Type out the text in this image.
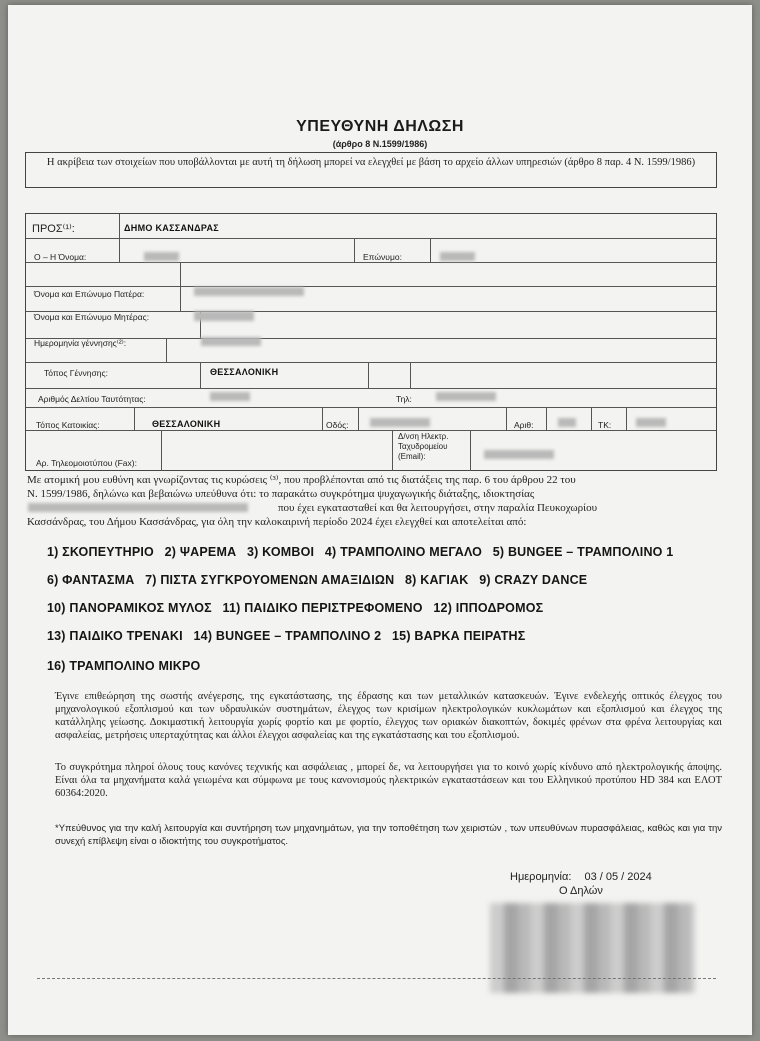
ΥΠΕΥΘΥΝΗ ΔΗΛΩΣΗ
(άρθρο 8 Ν.1599/1986)
Η ακρίβεια των στοιχείων που υποβάλλονται με αυτή τη δήλωση μπορεί να ελεγχθεί με βάση το αρχείο άλλων υπηρεσιών (άρθρο 8 παρ. 4 Ν. 1599/1986)
ΠΡΟΣ⁽¹⁾:	ΔΗΜΟ ΚΑΣΣΑΝΔΡΑΣ
Ο – Η Όνομα:	Επώνυμο:
Όνομα και Επώνυμο Πατέρα:
Όνομα και Επώνυμο Μητέρας:
Ημερομηνία γέννησης⁽²⁾:
Τόπος Γέννησης:	ΘΕΣΣΑΛΟΝΙΚΗ
Αριθμός Δελτίου Ταυτότητας:	Τηλ:
Τόπος Κατοικίας:	ΘΕΣΣΑΛΟΝΙΚΗ	Οδός:	Αριθ:	ΤΚ:
Αρ. Τηλεομοιοτύπου (Fax):
Δ/νση Ηλεκτρ. Ταχυδρομείου (Email):
Με ατομική μου ευθύνη και γνωρίζοντας τις κυρώσεις ⁽³⁾, που προβλέπονται από τις διατάξεις της παρ. 6 του άρθρου 22 του
Ν. 1599/1986, δηλώνω και βεβαιώνω υπεύθυνα ότι: το παρακάτω συγκρότημα ψυχαγωγικής διάταξης, ιδιοκτησίας
που έχει εγκατασταθεί και θα λειτουργήσει, στην παραλία Πευκοχωρίου
Κασσάνδρας, του Δήμου Κασσάνδρας, για όλη την καλοκαιρινή περίοδο 2024 έχει ελεγχθεί και αποτελείται από:
1) ΣΚΟΠΕΥΤΗΡΙΟ 2) ΨΑΡΕΜΑ 3) ΚΟΜΒΟΙ 4) ΤΡΑΜΠΟΛΙΝΟ ΜΕΓΑΛΟ 5) BUNGEE – ΤΡΑΜΠΟΛΙΝΟ 1
6) ΦΑΝΤΑΣΜΑ 7) ΠΙΣΤΑ ΣΥΓΚΡΟΥΟΜΕΝΩΝ ΑΜΑΞΙΔΙΩΝ 8) ΚΑΓΙΑΚ 9) CRAZY DANCE
10) ΠΑΝΟΡΑΜΙΚΟΣ ΜΥΛΟΣ 11) ΠΑΙΔΙΚΟ ΠΕΡΙΣΤΡΕΦΟΜΕΝΟ 12) ΙΠΠΟΔΡΟΜΟΣ
13) ΠΑΙΔΙΚΟ ΤΡΕΝΑΚΙ 14) BUNGEE – ΤΡΑΜΠΟΛΙΝΟ 2 15) ΒΑΡΚΑ ΠΕΙΡΑΤΗΣ
16) ΤΡΑΜΠΟΛΙΝΟ ΜΙΚΡΟ
Έγινε επιθεώρηση της σωστής ανέγερσης, της εγκατάστασης, της έδρασης και των μεταλλικών κατασκευών. Έγινε ενδελεχής οπτικός έλεγχος του μηχανολογικού εξοπλισμού και των υδραυλικών συστημάτων, έλεγχος των κρισίμων ηλεκτρολογικών κυκλωμάτων και εξοπλισμού και έλεγχος της κατάλληλης γείωσης. Δοκιμαστική λειτουργία χωρίς φορτίο και με φορτίο, έλεγχος των οριακών διακοπτών, δοκιμές φρένων στα φρένα λειτουργίας και ασφαλείας, μετρήσεις υπερταχύτητας και άλλοι έλεγχοι ασφαλείας και της εγκατάστασης και του εξοπλισμού.
Το συγκρότημα πληροί όλους τους κανόνες τεχνικής και ασφάλειας , μπορεί δε, να λειτουργήσει για το κοινό χωρίς κίνδυνο από ηλεκτρολογικής άποψης. Είναι όλα τα μηχανήματα καλά γειωμένα και σύμφωνα με τους κανονισμούς ηλεκτρικών εγκαταστάσεων και του Ελληνικού προτύπου HD 384 και ΕΛΟΤ 60364:2020.
*Υπεύθυνος για την καλή λειτουργία και συντήρηση των μηχανημάτων, για την τοποθέτηση των χειριστών , των υπευθύνων πυρασφάλειας, καθώς και για την συνεχή επίβλεψη είναι ο ιδιοκτήτης του συγκροτήματος.
Ημερομηνία: 03 / 05 / 2024
Ο Δηλών
